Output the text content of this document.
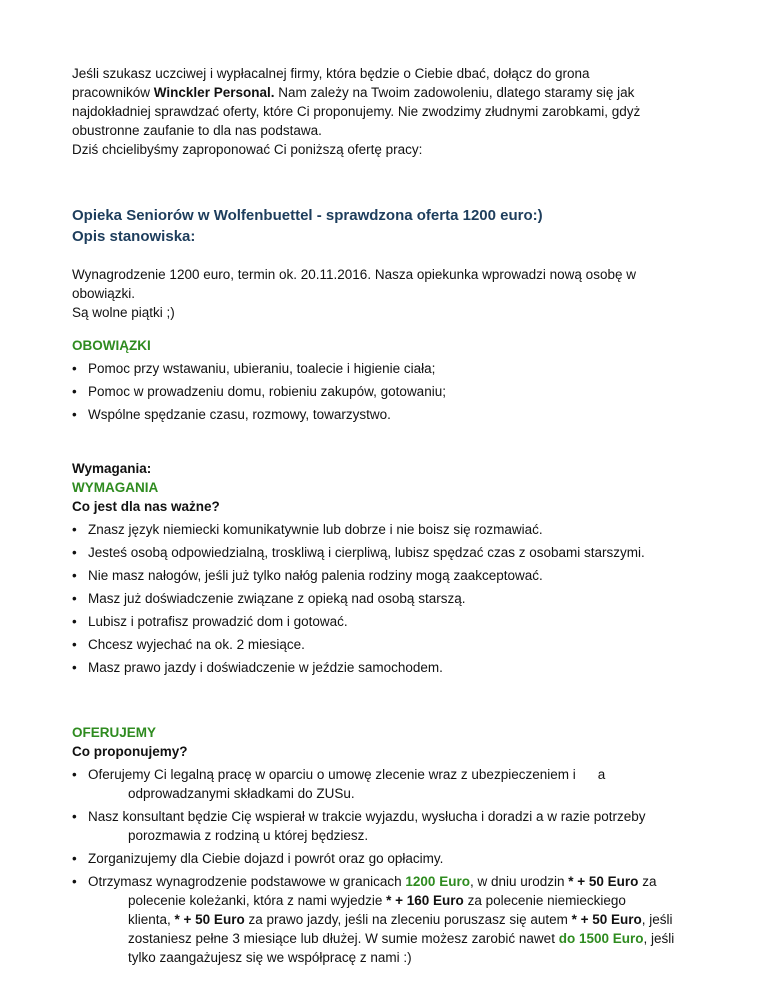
Jeśli szukasz uczciwej i wypłacalnej firmy, która będzie o Ciebie dbać, dołącz do grona

pracowników Winckler Personal. Nam zależy na Twoim zadowoleniu, dlatego staramy się jak

najdokładniej sprawdzać oferty, które Ci proponujemy. Nie zwodzimy złudnymi zarobkami, gdyż

obustronne zaufanie to dla nas podstawa.

Dziś chcielibyśmy zaproponować Ci poniższą ofertę pracy:

Opieka Seniorów w Wolfenbuettel - sprawdzona oferta 1200 euro:)
Opis stanowiska:

Wynagrodzenie 1200 euro, termin ok. 20.11.2016. Nasza opiekunka wprowadzi nową osobę w

obowiązki.

Są wolne piątki ;)

OBOWIĄZKI

• Pomoc przy wstawaniu, ubieraniu, toalecie i higienie ciała;
• Pomoc w prowadzeniu domu, robieniu zakupów, gotowaniu;
• Wspólne spędzanie czasu, rozmowy, towarzystwo.

Wymagania:

WYMAGANIA

Co jest dla nas ważne?

• Znasz język niemiecki komunikatywnie lub dobrze i nie boisz się rozmawiać.
• Jesteś osobą odpowiedzialną, troskliwą i cierpliwą, lubisz spędzać czas z osobami starszymi.
• Nie masz nałogów, jeśli już tylko nałóg palenia rodziny mogą zaakceptować.
• Masz już doświadczenie związane z opieką nad osobą starszą.
• Lubisz i potrafisz prowadzić dom i gotować.
• Chcesz wyjechać na ok. 2 miesiące.
• Masz prawo jazdy i doświadczenie w jeździe samochodem.

OFERUJEMY

Co proponujemy?

• Oferujemy Ci legalną pracę w oparciu o umowę zlecenie wraz z ubezpieczeniem i a
odprowadzanymi składkami do ZUSu.
• Nasz konsultant będzie Cię wspierał w trakcie wyjazdu, wysłucha i doradzi a w razie potrzeby
porozmawia z rodziną u której będziesz.
• Zorganizujemy dla Ciebie dojazd i powrót oraz go opłacimy.
• Otrzymasz wynagrodzenie podstawowe w granicach 1200 Euro, w dniu urodzin * + 50 Euro za
polecenie koleżanki, która z nami wyjedzie * + 160 Euro za polecenie niemieckiego
klienta, * + 50 Euro za prawo jazdy, jeśli na zleceniu poruszasz się autem * + 50 Euro, jeśli
zostaniesz pełne 3 miesiące lub dłużej. W sumie możesz zarobić nawet do 1500 Euro, jeśli
tylko zaangażujesz się we współpracę z nami :)
